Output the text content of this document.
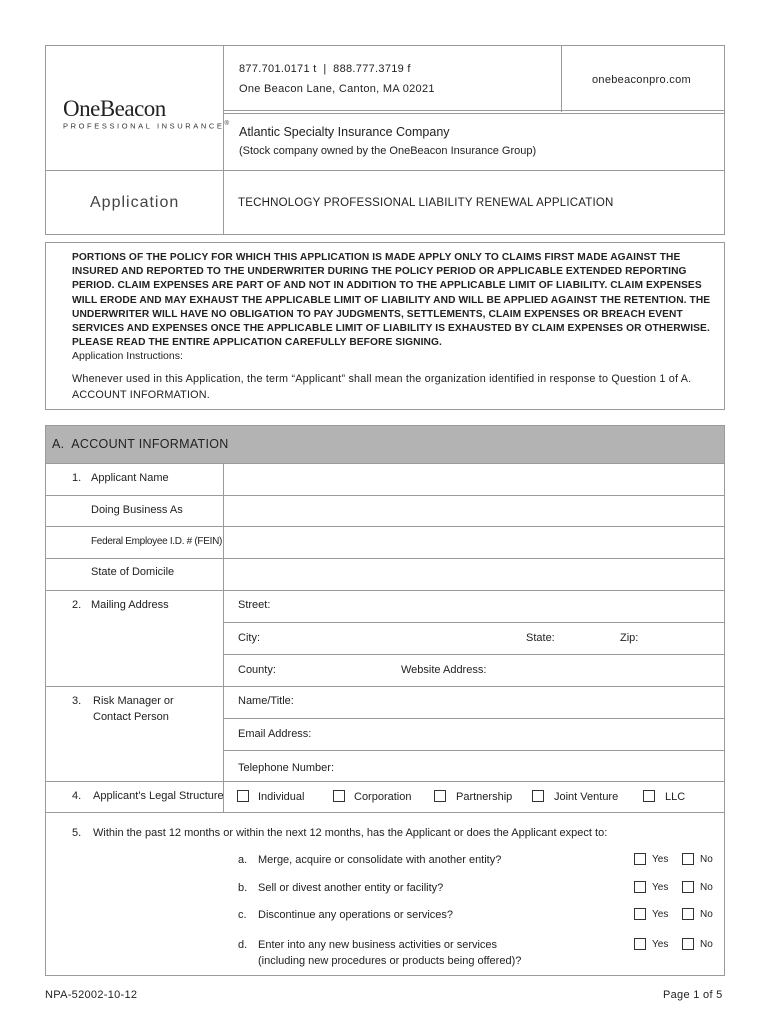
877.701.0171 t  |  888.777.3719 f
One Beacon Lane, Canton, MA 02021
onebeaconpro.com
OneBeacon
PROFESSIONAL INSURANCE®
Atlantic Specialty Insurance Company
(Stock company owned by the OneBeacon Insurance Group)
Application	TECHNOLOGY PROFESSIONAL LIABILITY RENEWAL APPLICATION
PORTIONS OF THE POLICY FOR WHICH THIS APPLICATION IS MADE APPLY ONLY TO CLAIMS FIRST MADE AGAINST THE INSURED AND REPORTED TO THE UNDERWRITER DURING THE POLICY PERIOD OR APPLICABLE EXTENDED REPORTING PERIOD. CLAIM EXPENSES ARE PART OF AND NOT IN ADDITION TO THE APPLICABLE LIMIT OF LIABILITY. CLAIM EXPENSES WILL ERODE AND MAY EXHAUST THE APPLICABLE LIMIT OF LIABILITY AND WILL BE APPLIED AGAINST THE RETENTION. THE UNDERWRITER WILL HAVE NO OBLIGATION TO PAY JUDGMENTS, SETTLEMENTS, CLAIM EXPENSES OR BREACH EVENT SERVICES AND EXPENSES ONCE THE APPLICABLE LIMIT OF LIABILITY IS EXHAUSTED BY CLAIM EXPENSES OR OTHERWISE. PLEASE READ THE ENTIRE APPLICATION CAREFULLY BEFORE SIGNING.
Application Instructions:
Whenever used in this Application, the term “Applicant” shall mean the organization identified in response to Question 1 of A. ACCOUNT INFORMATION.
A.  ACCOUNT INFORMATION
1. Applicant Name
Doing Business As
Federal Employee I.D. # (FEIN)
State of Domicile
2. Mailing Address	Street:
City:	State:	Zip:
County:	Website Address:
3. Risk Manager or
Contact Person
Name/Title:
Email Address:
Telephone Number:
4. Applicant’s Legal Structure	Individual	Corporation	Partnership	Joint Venture	LLC
5. Within the past 12 months or within the next 12 months, has the Applicant or does the Applicant expect to:
a. Merge, acquire or consolidate with another entity?	Yes	No
b. Sell or divest another entity or facility?	Yes	No
c. Discontinue any operations or services?	Yes	No
d. Enter into any new business activities or services
(including new procedures or products being offered)?
Yes	No
NPA-52002-10-12	Page 1 of 5
